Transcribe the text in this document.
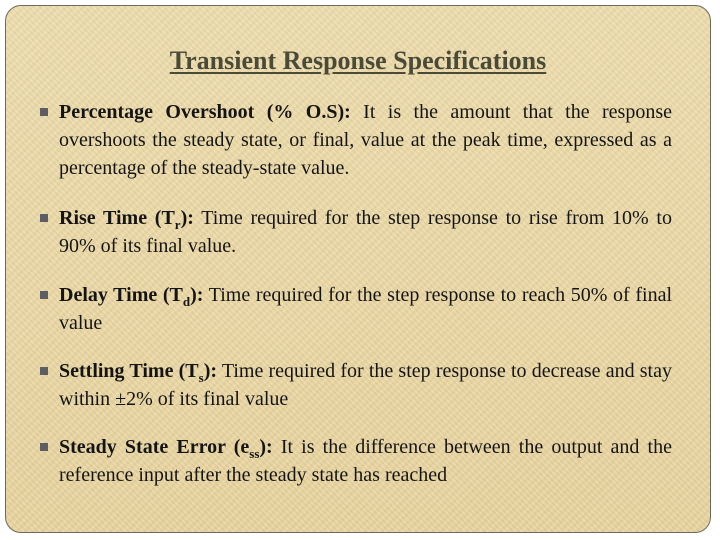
Transient Response Specifications
Percentage Overshoot (% O.S): It is the amount that the response overshoots the steady state, or final, value at the peak time, expressed as a percentage of the steady-state value.
Rise Time $(T_r)$: Time required for the step response to rise from 10% to 90% of its final value.
Delay Time $(T_d)$: Time required for the step response to reach 50% of final value
Settling Time $(T_s)$: Time required for the step response to decrease and stay within ±2% of its final value
Steady State Error $(e_{ss})$: It is the difference between the output and the reference input after the steady state has reached
